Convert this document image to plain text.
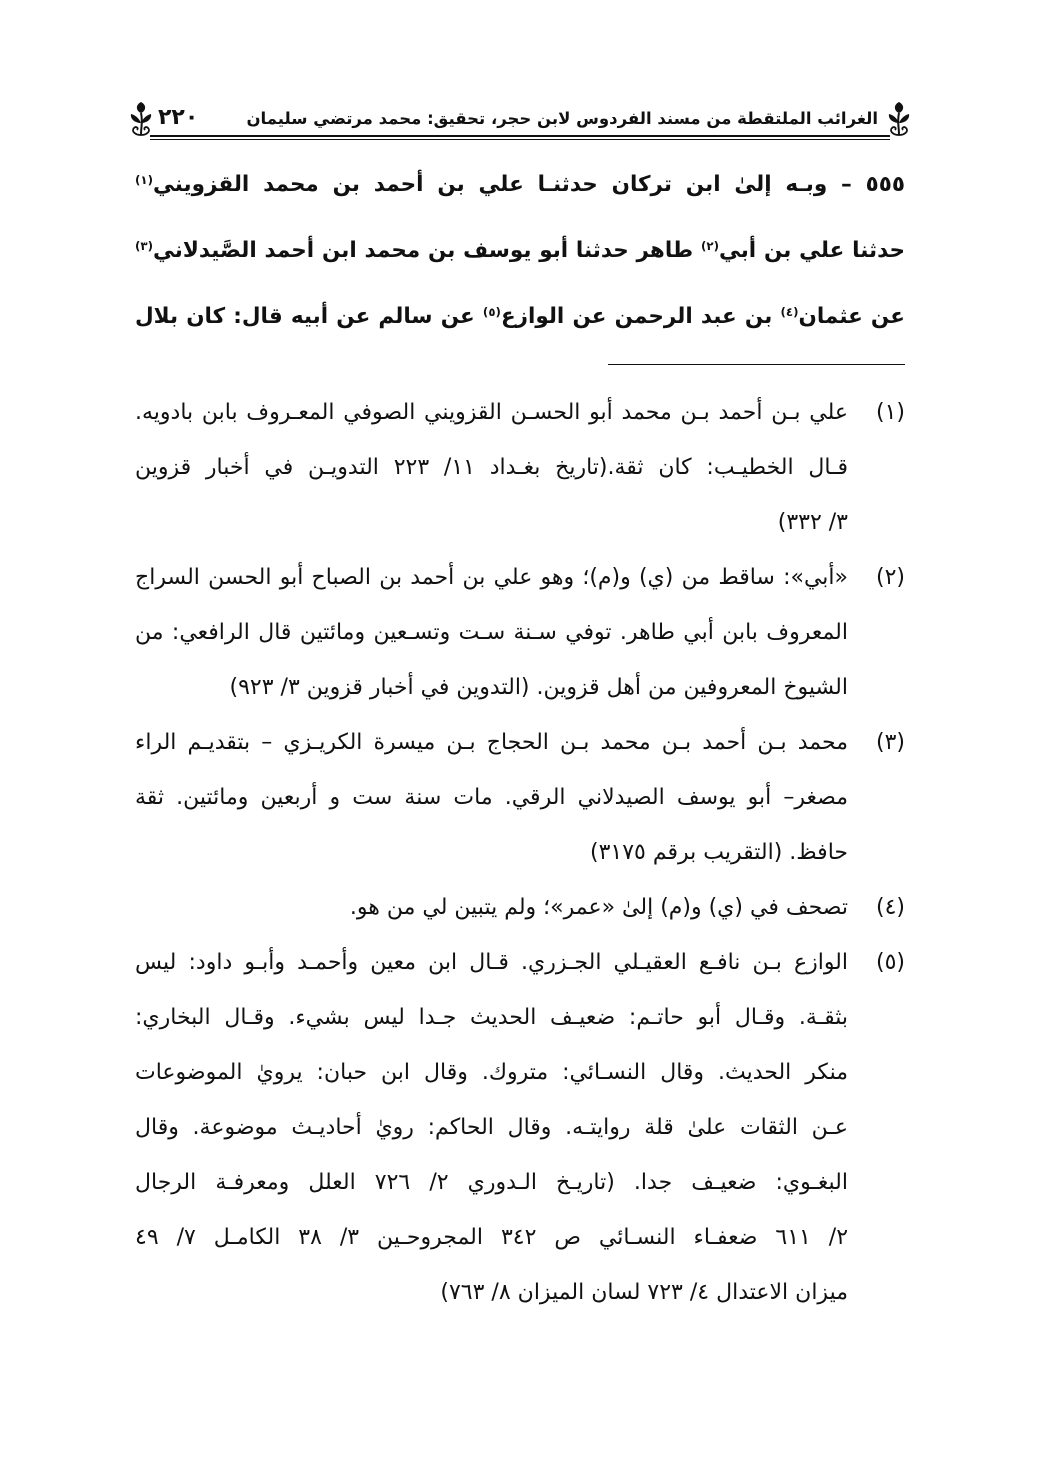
الغرائب الملتقطة من مسند الفردوس لابن حجر، تحقيق: محمد مرتضي سليمان
٢٢٠
٥٥٥ – وبـه إلىٰ ابن تركان حدثنـا علي بن أحمد بن محمد القزويني$^{(١)}$
حدثنا علي بن أبي$^{(٢)}$ طاهر حدثنا أبو يوسف بن محمد ابن أحمد الصَّيدلاني$^{(٣)}$
عن عثمان$^{(٤)}$ بن عبد الرحمن عن الوازع$^{(٥)}$ عن سالم عن أبيه قال: كان بلال
(١)
علي بـن أحمد بـن محمد أبو الحسـن القزويني الصوفي المعـروف بابن بادويه.
قـال الخطيـب: كان ثقة.(تاريخ بغـداد ١١/ ٢٢٣ التدويـن في أخبار قزوين
٣/ ٣٣٢)
(٢)
«أبي»: ساقط من (ي) و(م)؛ وهو علي بن أحمد بن الصباح أبو الحسن السراج
المعروف بابن أبي طاهر. توفي سـنة سـت وتسـعين ومائتين قال الرافعي: من
الشيوخ المعروفين من أهل قزوين. (التدوين في أخبار قزوين ٣/ ٩٢٣)
(٣)
محمد بـن أحمد بـن محمد بـن الحجاج بـن ميسرة الكريـزي – بتقديـم الراء
مصغر– أبو يوسف الصيدلاني الرقي. مات سنة ست و أربعين ومائتين. ثقة
حافظ. (التقريب برقم ٣١٧٥)
(٤)
تصحف في (ي) و(م) إلىٰ «عمر»؛ ولم يتبين لي من هو.
(٥)
الوازع بـن نافـع العقيـلي الجـزري. قـال ابن معين وأحمـد وأبـو داود: ليس
بثقـة. وقـال أبو حاتـم: ضعيـف الحديث جـدا ليس بشيء. وقـال البخاري:
منكر الحديث. وقال النسـائي: متروك. وقال ابن حبان: يرويٰ الموضوعات
عـن الثقات علىٰ قلة روايتـه. وقال الحاكم: رويٰ أحاديـث موضوعة. وقال
البغـوي: ضعيـف جدا. (تاريـخ الـدوري ٢/ ٧٢٦ العلل ومعرفـة الرجال
٢/ ٦١١ ضعفـاء النسـائي ص ٣٤٢ المجروحـين ٣/ ٣٨ الكامـل ٧/ ٤٩
ميزان الاعتدال ٤/ ٧٢٣ لسان الميزان ٨/ ٧٦٣)
